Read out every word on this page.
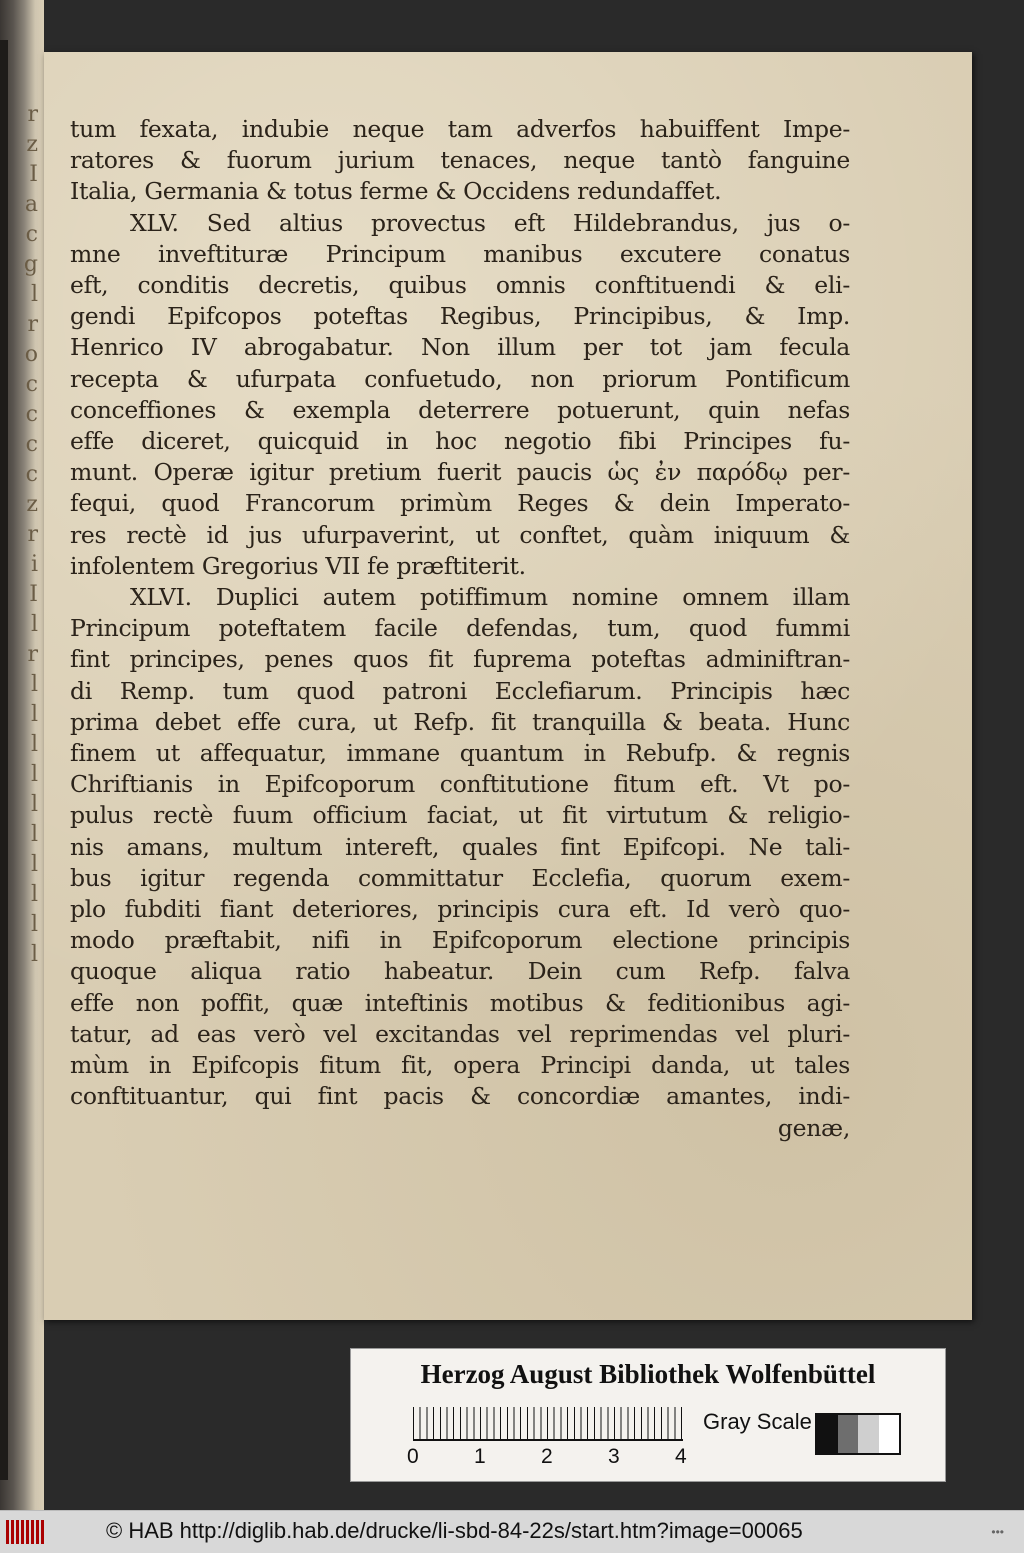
r
z
I
a
c
g
l
r
o
c
c
c
c
z
r
i
I
l
r
l
l
l
l
l
l
l
l
l
l
tum fexata, indubie neque tam adverfos habuiffent Impe-
ratores & fuorum jurium tenaces, neque tantò fanguine
Italia, Germania & totus ferme & Occidens redundaffet.
XLV. Sed altius provectus eft Hildebrandus, jus o-
mne inveftituræ Principum manibus excutere conatus
eft, conditis decretis, quibus omnis conftituendi & eli-
gendi Epifcopos poteftas Regibus, Principibus, & Imp.
Henrico IV abrogabatur. Non illum per tot jam fecula
recepta & ufurpata confuetudo, non priorum Pontificum
conceffiones & exempla deterrere potuerunt, quin nefas
effe diceret, quicquid in hoc negotio fibi Principes fu-
munt. Operæ igitur pretium fuerit paucis ὡς ἐν παρόδῳ per-
fequi, quod Francorum primùm Reges & dein Imperato-
res rectè id jus ufurpaverint, ut conftet, quàm iniquum &
infolentem Gregorius VII fe præftiterit.
XLVI. Duplici autem potiffimum nomine omnem illam
Principum poteftatem facile defendas, tum, quod fummi
fint principes, penes quos fit fuprema poteftas adminiftran-
di Remp. tum quod patroni Ecclefiarum. Principis hæc
prima debet effe cura, ut Refp. fit tranquilla & beata. Hunc
finem ut affequatur, immane quantum in Rebufp. & regnis
Chriftianis in Epifcoporum conftitutione fitum eft. Vt po-
pulus rectè fuum officium faciat, ut fit virtutum & religio-
nis amans, multum intereft, quales fint Epifcopi. Ne tali-
bus igitur regenda committatur Ecclefia, quorum exem-
plo fubditi fiant deteriores, principis cura eft. Id verò quo-
modo præftabit, nifi in Epifcoporum electione principis
quoque aliqua ratio habeatur. Dein cum Refp. falva
effe non poffit, quæ inteftinis motibus & feditionibus agi-
tatur, ad eas verò vel excitandas vel reprimendas vel pluri-
mùm in Epifcopis fitum fit, opera Principi danda, ut tales
conftituantur, qui fint pacis & concordiæ amantes, indi-
genæ,
Herzog August Bibliothek Wolfenbüttel
0	1	2	3	4
Gray Scale
© HAB http://diglib.hab.de/drucke/li-sbd-84-22s/start.htm?image=00065	•••
